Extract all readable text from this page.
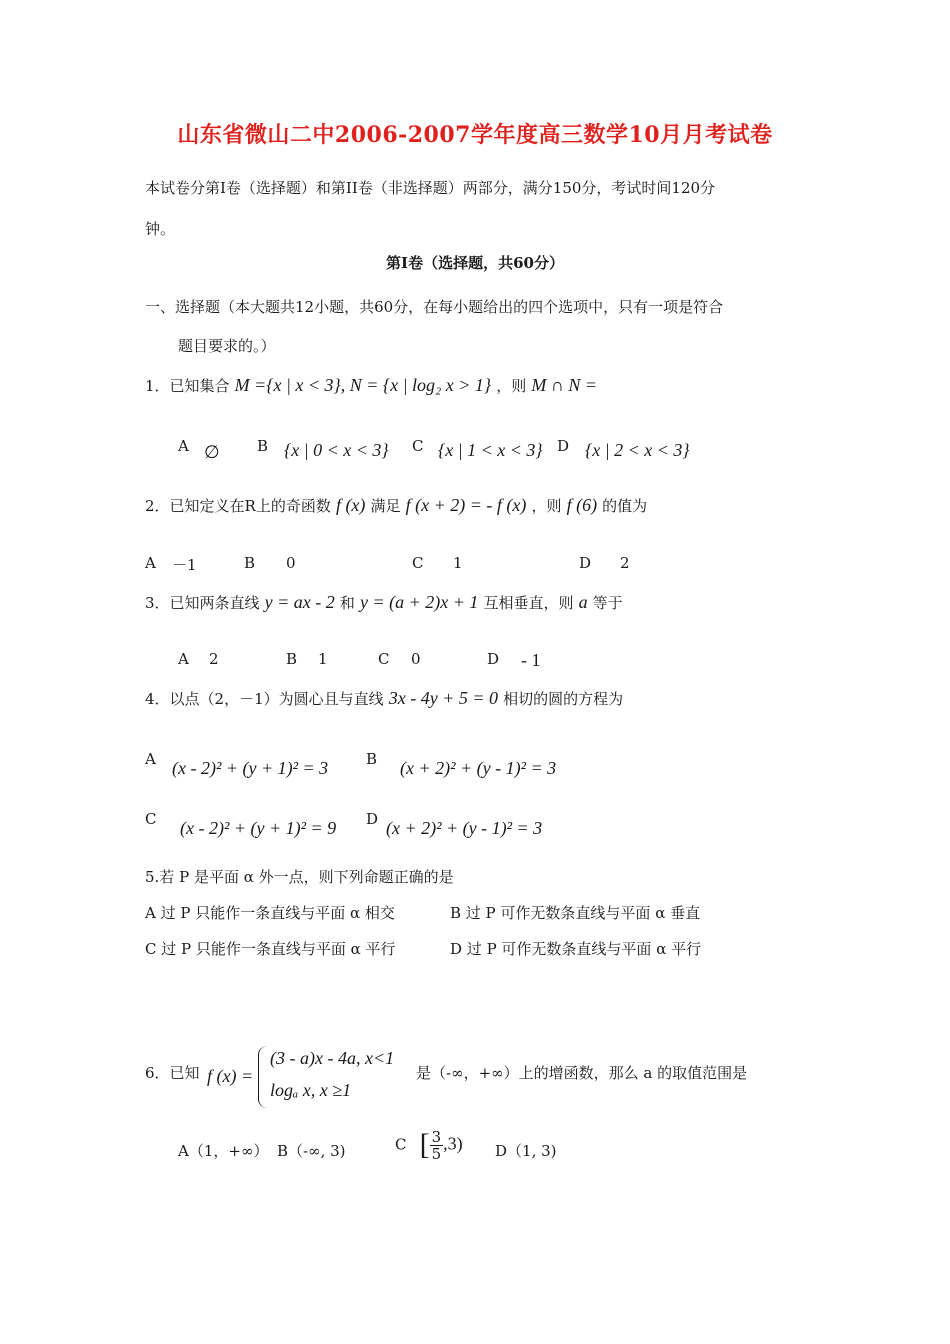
山东省微山二中2006-2007学年度高三数学10月月考试卷
本试卷分第I卷（选择题）和第II卷（非选择题）两部分，满分150分，考试时间120分
钟。
第I卷（选择题，共60分）
一、选择题（本大题共12小题，共60分，在每小题给出的四个选项中，只有一项是符合
题目要求的。）
1．已知集合 M ={x | x < 3}, N = {x | log₂ x > 1} ，则 M ∩ N =
A ∅ B {x | 0 < x < 3} C {x | 1 < x < 3} D {x | 2 < x < 3}
2．已知定义在R上的奇函数 f (x) 满足 f (x + 2) = - f (x) ，则 f (6) 的值为
A －1	B 0	C 1	D 2
3．已知两条直线 y = ax - 2 和 y = (a + 2)x + 1 互相垂直，则 a 等于
A 2	B 1	C 0	D - 1
4．以点（2，－1）为圆心且与直线 3x - 4y + 5 = 0 相切的圆的方程为
A (x - 2)² + (y + 1)² = 3	B (x + 2)² + (y - 1)² = 3
C (x - 2)² + (y + 1)² = 9 D (x + 2)² + (y - 1)² = 3
5.若 P 是平面 α 外一点，则下列命题正确的是
A 过 P 只能作一条直线与平面 α 相交	B 过 P 可作无数条直线与平面 α 垂直
C 过 P 只能作一条直线与平面 α 平行	D 过 P 可作无数条直线与平面 α 平行
6．已知 f (x) =
(3 - a)x - 4a, x<1
logₐ x, x ≥1
是（-∞，+∞）上的增函数，那么 a 的取值范围是
A（1，+∞） B（-∞, 3)	C [ $\frac{3}{5} ,3$) D（1, 3)
